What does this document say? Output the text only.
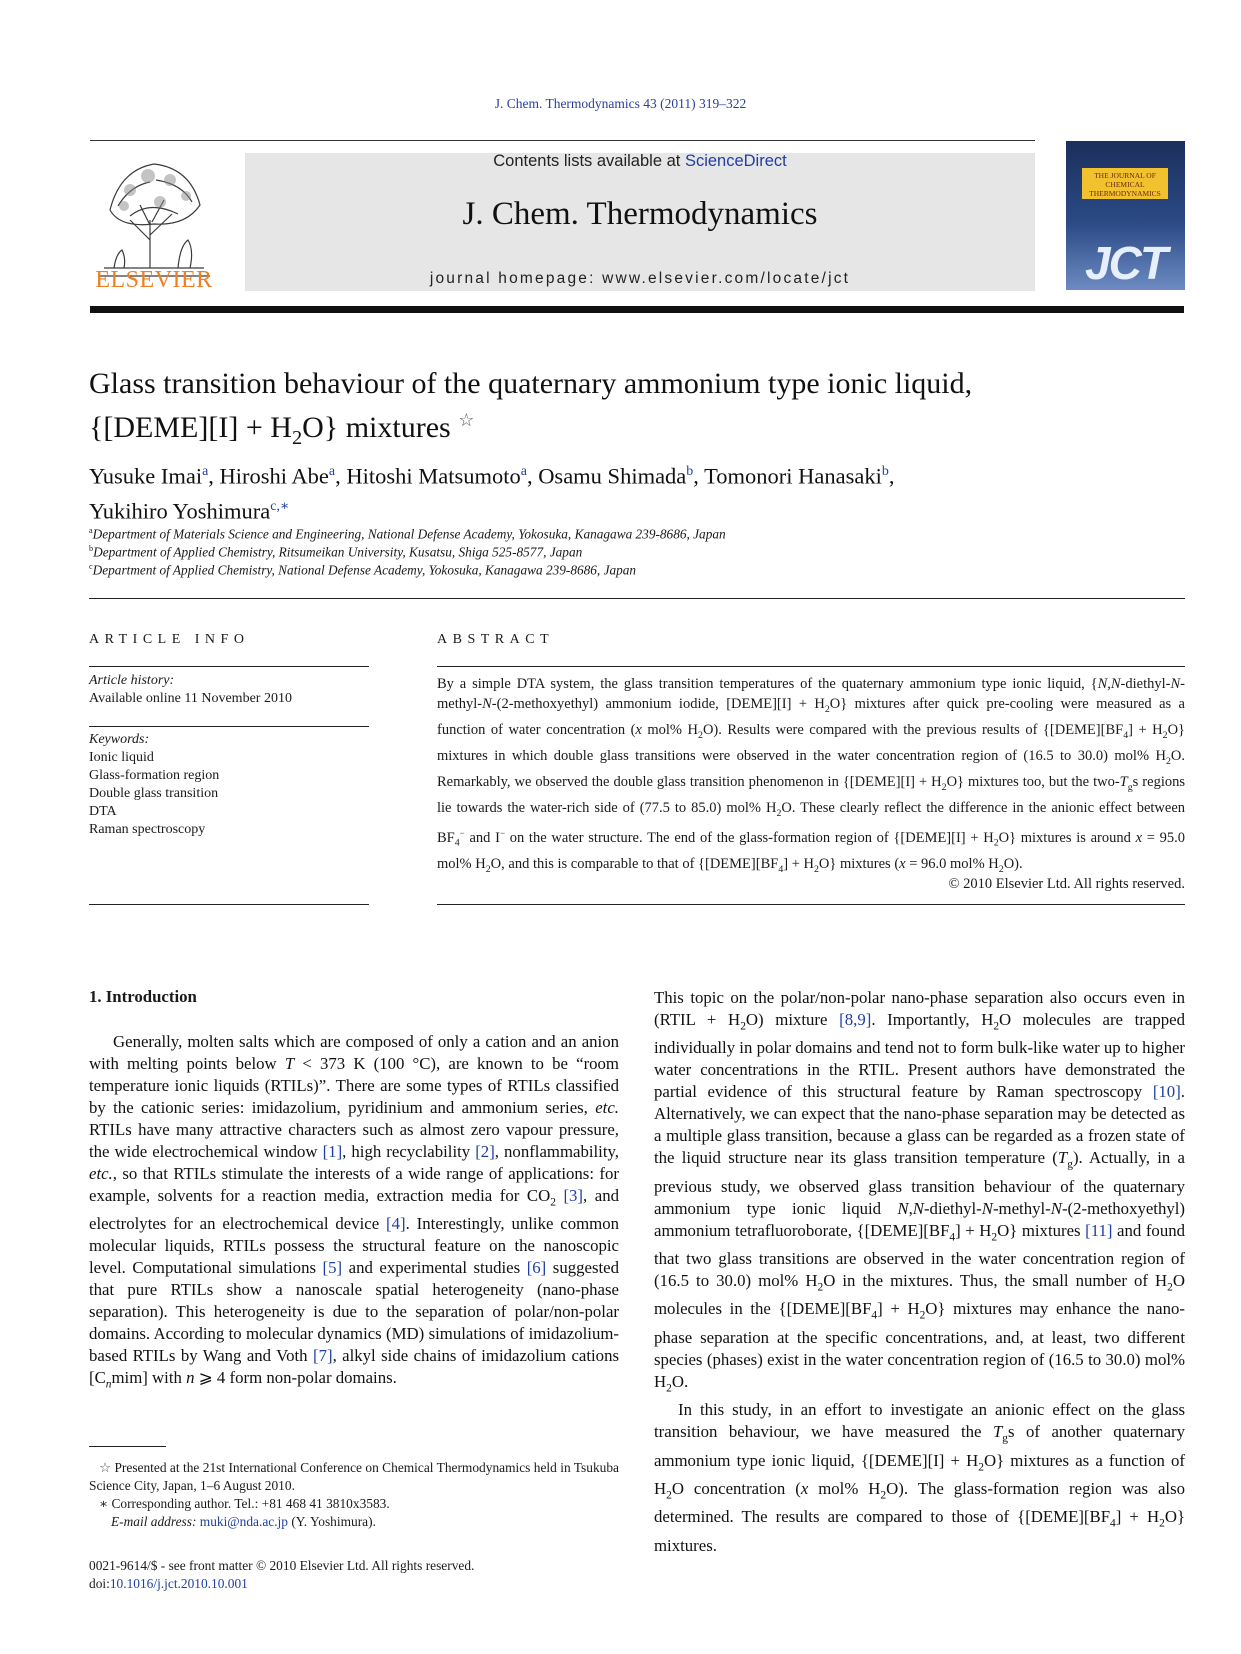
J. Chem. Thermodynamics 43 (2011) 319–322
ELSEVIER
Contents lists available at ScienceDirect
J. Chem. Thermodynamics
journal homepage: www.elsevier.com/locate/jct
THE JOURNAL OF CHEMICAL THERMODYNAMICS
JCT
Glass transition behaviour of the quaternary ammonium type ionic liquid,
{[DEME][I] + $H_2O$} mixtures ☆
Yusuke Imai$^a$, Hiroshi Abe$^a$, Hitoshi Matsumoto$^a$, Osamu Shimada$^b$, Tomonori Hanasaki$^b$,
Yukihiro Yoshimura$^{c,∗}$
$^a$Department of Materials Science and Engineering, National Defense Academy, Yokosuka, Kanagawa 239-8686, Japan
$^b$Department of Applied Chemistry, Ritsumeikan University, Kusatsu, Shiga 525-8577, Japan
$^c$Department of Applied Chemistry, National Defense Academy, Yokosuka, Kanagawa 239-8686, Japan
ARTICLE INFO
Article history:
Available online 11 November 2010
Keywords:
Ionic liquid
Glass-formation region
Double glass transition
DTA
Raman spectroscopy
ABSTRACT
By a simple DTA system, the glass transition temperatures of the quaternary ammonium type ionic liquid, {N,N-diethyl-N-methyl-N-(2-methoxyethyl) ammonium iodide, [DEME][I] + $H_2O$} mixtures after quick pre-cooling were measured as a function of water concentration (x mol% $H_2O$). Results were compared with the previous results of $\{[DEME][BF_4] + H_2O\}$ mixtures in which double glass transitions were observed in the water concentration region of (16.5 to 30.0) mol% $H_2O$. Remarkably, we observed the double glass transition phenomenon in {[DEME][I] + $H_2O$} mixtures too, but the two-$T_gs$ regions lie towards the water-rich side of (77.5 to 85.0) mol% $H_2O$. These clearly reflect the difference in the anionic effect between $BF_4^-$ and I− on the water structure. The end of the glass-formation region of {[DEME][I] + $H_2O$} mixtures is around x = 95.0 mol% $H_2O$, and this is comparable to that of $\{[DEME][BF_4] + H_2O\}$ mixtures (x = 96.0 mol% $H_2O$).
© 2010 Elsevier Ltd. All rights reserved.
1. Introduction

Generally, molten salts which are composed of only a cation and an anion with melting points below T < 373 K (100 °C), are known to be “room temperature ionic liquids (RTILs)”. There are some types of RTILs classified by the cationic series: imidazolium, pyridinium and ammonium series, etc. RTILs have many attractive characters such as almost zero vapour pressure, the wide electrochemical window [1], high recyclability [2], nonflammability, etc., so that RTILs stimulate the interests of a wide range of applications: for example, solvents for a reaction media, extraction media for $CO_2$ [3], and electrolytes for an electrochemical device [4]. Interestingly, unlike common molecular liquids, RTILs possess the structural feature on the nanoscopic level. Computational simulations [5] and experimental studies [6] suggested that pure RTILs show a nanoscale spatial heterogeneity (nano-phase separation). This heterogeneity is due to the separation of polar/non-polar domains. According to molecular dynamics (MD) simulations of imidazolium-based RTILs by Wang and Voth [7], alkyl side chains of imidazolium cations $[C_nmim]$ with n ⩾ 4 form non-polar domains.

This topic on the polar/non-polar nano-phase separation also occurs even in (RTIL + $H_2O$) mixture [8,9]. Importantly, $H_2O$ molecules are trapped individually in polar domains and tend not to form bulk-like water up to higher water concentrations in the RTIL. Present authors have demonstrated the partial evidence of this structural feature by Raman spectroscopy [10]. Alternatively, we can expect that the nano-phase separation may be detected as a multiple glass transition, because a glass can be regarded as a frozen state of the liquid structure near its glass transition temperature $(T_g)$. Actually, in a previous study, we observed glass transition behaviour of the quaternary ammonium type ionic liquid N,N-diethyl-N-methyl-N-(2-methoxyethyl) ammonium tetrafluoroborate, $\{[DEME][BF_4] + H_2O\}$ mixtures [11] and found that two glass transitions are observed in the water concentration region of (16.5 to 30.0) mol% $H_2O$ in the mixtures. Thus, the small number of $H_2O$ molecules in the $\{[DEME][BF_4] + H_2O\}$ mixtures may enhance the nano-phase separation at the specific concentrations, and, at least, two different species (phases) exist in the water concentration region of (16.5 to 30.0) mol% $H_2O$.

In this study, in an effort to investigate an anionic effect on the glass transition behaviour, we have measured the $T_gs$ of another quaternary ammonium type ionic liquid, {[DEME][I] + $H_2O$} mixtures as a function of $H_2O$ concentration (x mol% $H_2O$). The glass-formation region was also determined. The results are compared to those of $\{[DEME][BF_4] + H_2O\}$ mixtures.

☆ Presented at the 21st International Conference on Chemical Thermodynamics held in Tsukuba Science City, Japan, 1–6 August 2010.
∗ Corresponding author. Tel.: +81 468 41 3810x3583.
E-mail address: muki@nda.ac.jp (Y. Yoshimura).
0021-9614/$ - see front matter © 2010 Elsevier Ltd. All rights reserved.
doi:10.1016/j.jct.2010.10.001
